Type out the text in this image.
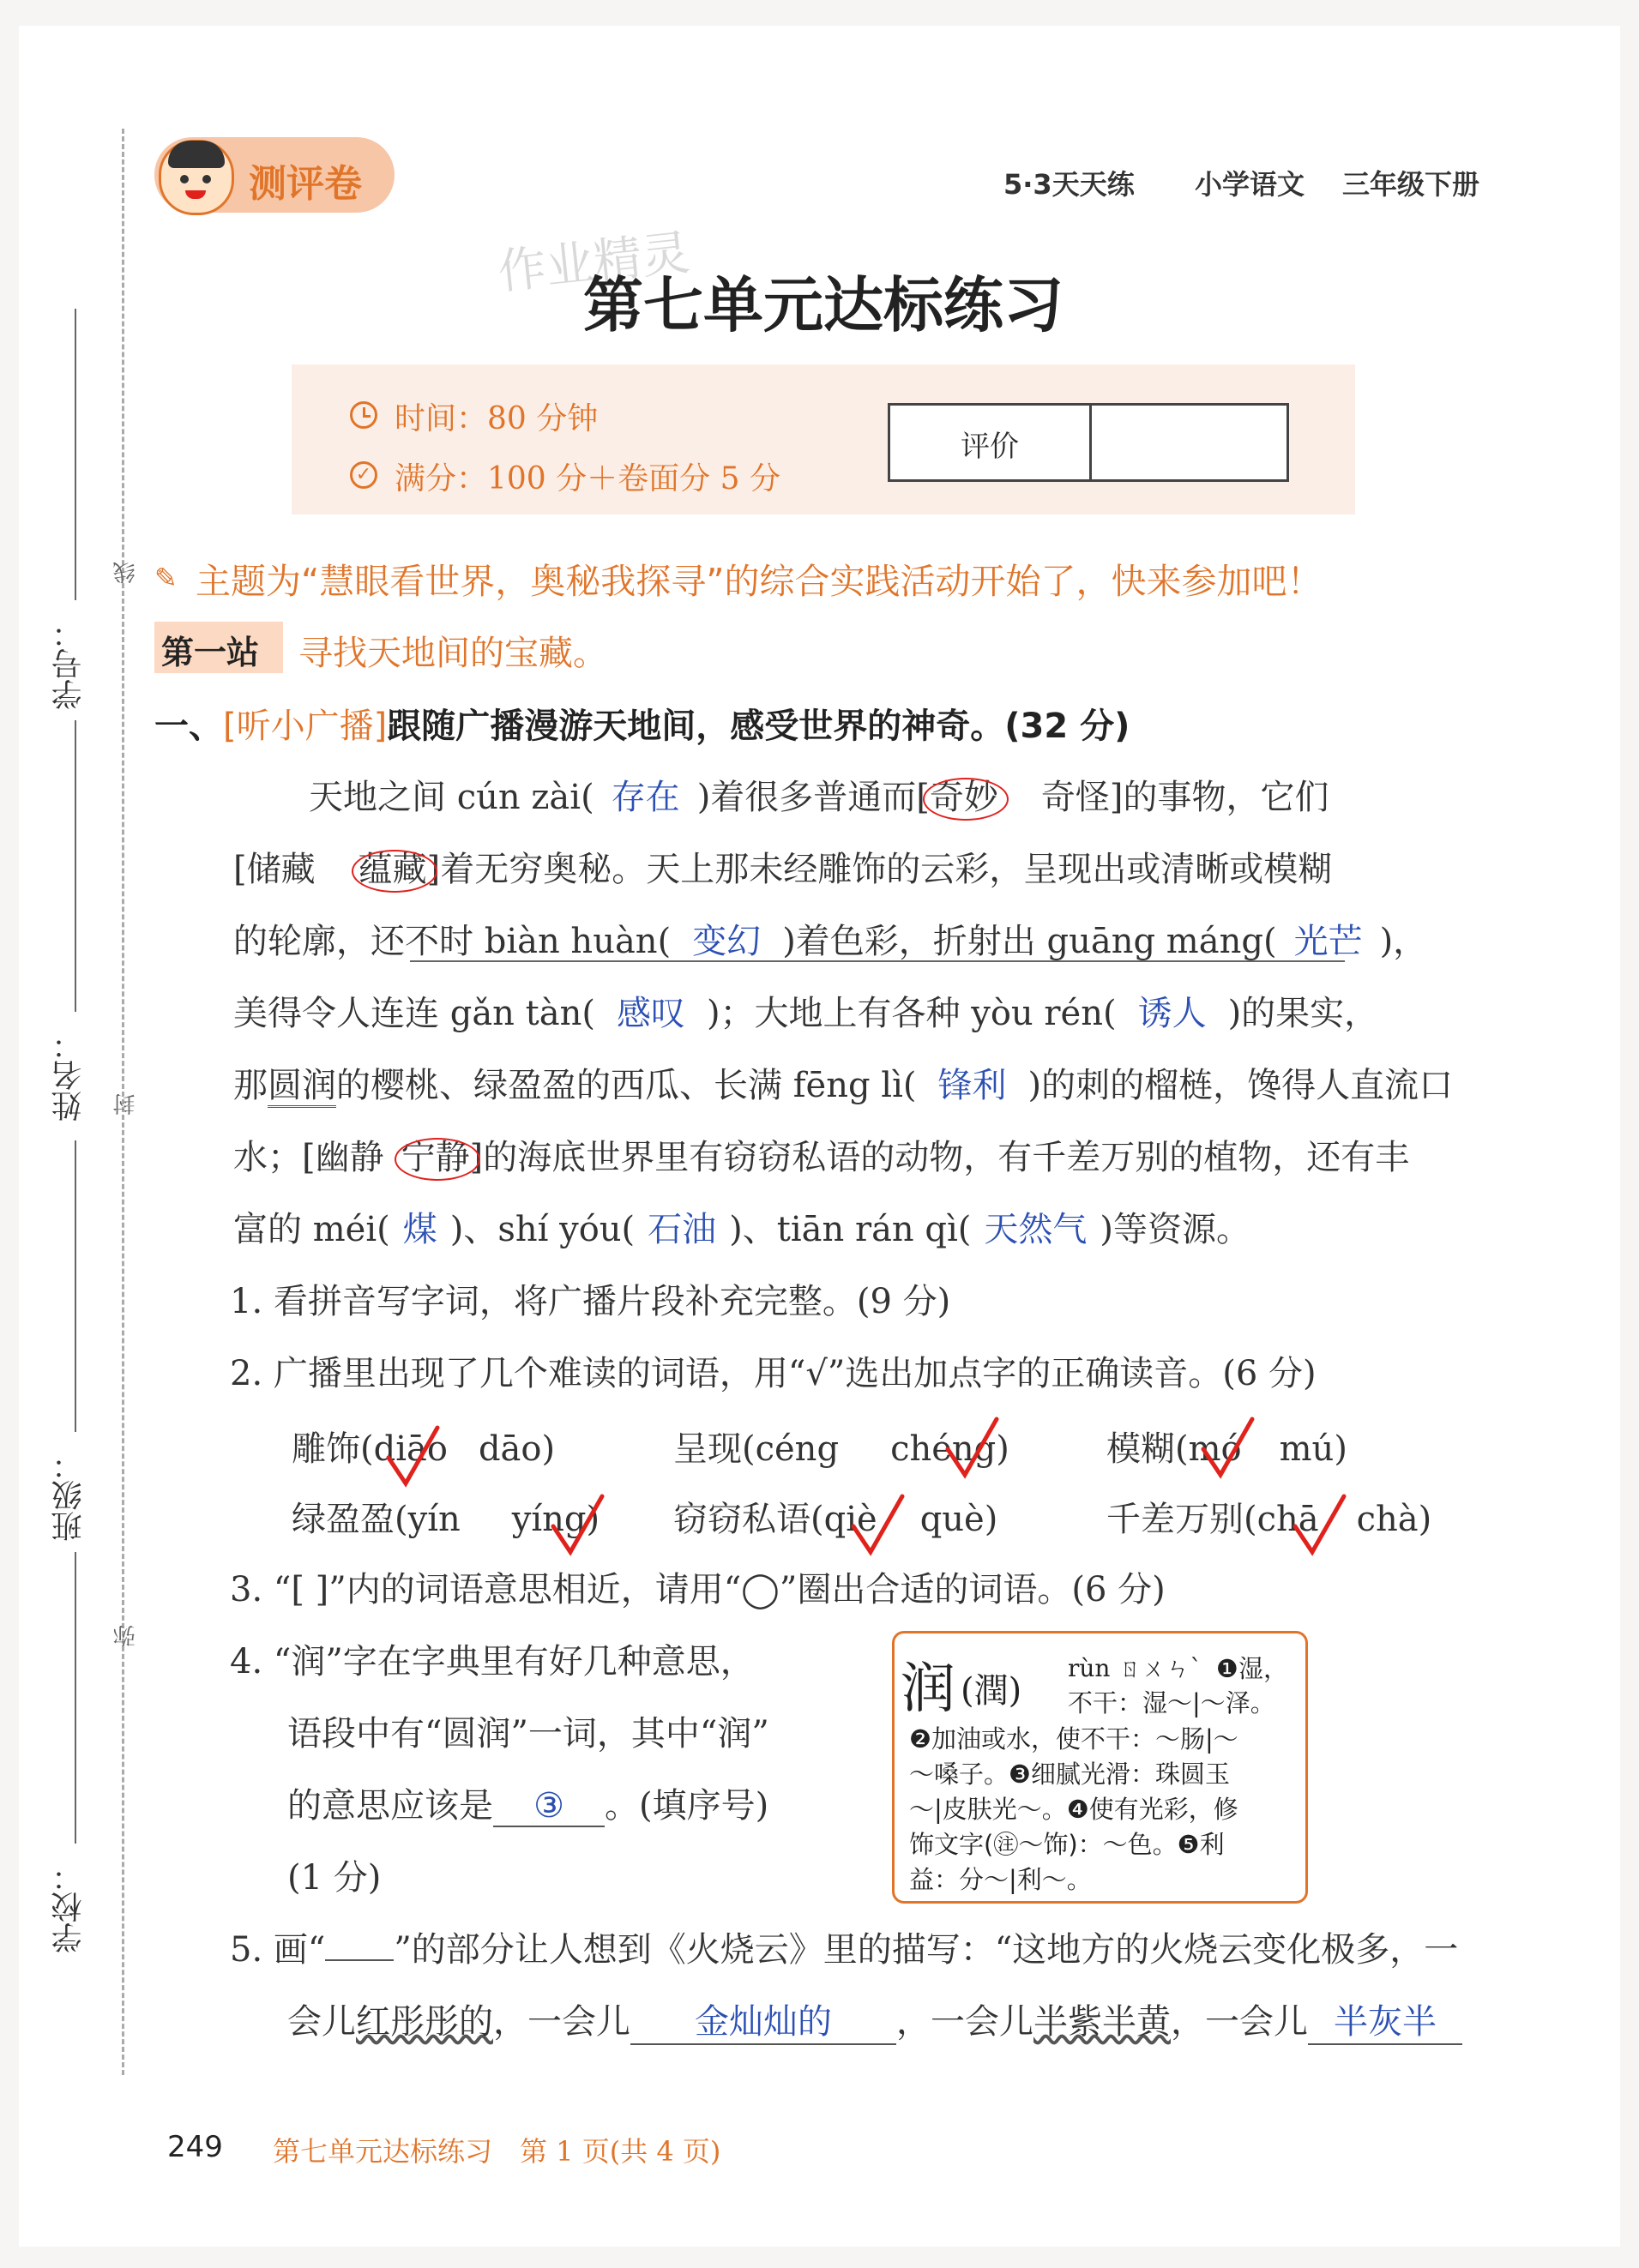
学号：
姓名：
班级：
学校：
线
封
弥
测评卷	5·3天天练 小学语文 三年级下册
作业精灵
第七单元达标练习
时间：80 分钟
✓ 满分：100 分＋卷面分 5 分
评价
✎ 主题为“慧眼看世界，奥秘我探寻”的综合实践活动开始了，快来参加吧！
第一站 寻找天地间的宝藏。
一、[听小广播]跟随广播漫游天地间，感受世界的神奇。(32 分)
天地之间 cún zài( 存在 )着很多普通而[奇妙 奇怪]的事物，它们
[储藏 蕴藏
]着无穷奥秘。天上那未经雕饰的云彩，呈现出或清晰或模糊
的轮廓，还不时 biàn huàn( 变幻 )着色彩，折射出 guāng máng( 光芒 )，
美得令人连连 gǎn tàn( 感叹 )；大地上有各种 yòu rén( 诱人 )的果实，
那圆润的樱桃、绿盈盈的西瓜、长满 fēng lì( 锋利 )的刺的榴梿，馋得人直流口
水；[幽静 宁静
]的海底世界里有窃窃私语的动物，有千差万别的植物，还有丰
富的 méi( 煤 )、shí yóu( 石油 )、tiān rán qì( 天然气 )等资源。
1. 看拼音写字词，将广播片段补充完整。(9 分)
2. 广播里出现了几个难读的词语，用“√”选出加点字的正确读音。(6 分)
雕饰(diāo dāo)	呈现(céng chéng)	模糊(mó mú)
绿盈盈(yín yíng) 窃窃私语(qiè què)	千差万别(chā chà)
3. “[ ]”内的词语意思相近，请用“◯”圈出合适的词语。(6 分)
4. “润”字在字典里有好几种意思，
语段中有“圆润”一词，其中“润”
的意思应该是 ③ 。(填序号)
(1 分)
润 (潤)
rùn ㄖㄨㄣˋ ❶湿，
不干：湿～|～泽。
❷加油或水，使不干：～肠|～
～嗓子。❸细腻光滑：珠圆玉
～|皮肤光～。❹使有光彩，修
饰文字(㊟～饰)：～色。❺利
益：分～|利～。
5. 画“ ”的部分让人想到《火烧云》里的描写：“这地方的火烧云变化极多，一
会儿红彤彤的，一会儿 金灿灿的 ，一会儿半紫半黄，一会儿 半灰半
249 第七单元达标练习　第 1 页(共 4 页)
